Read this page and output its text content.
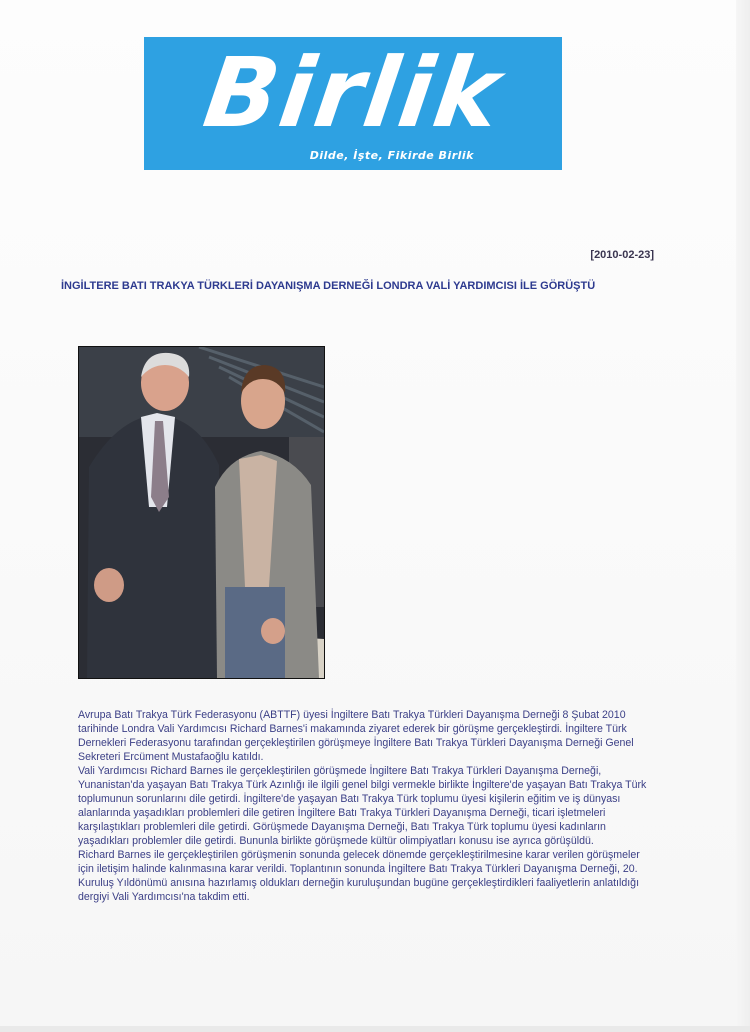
Birlik
Dilde, İşte, Fikirde Birlik
[2010-02-23]
İNGİLTERE BATI TRAKYA TÜRKLERİ DAYANIŞMA DERNEĞİ LONDRA VALİ YARDIMCISI İLE GÖRÜŞTÜ

Avrupa Batı Trakya Türk Federasyonu (ABTTF) üyesi İngiltere Batı Trakya Türkleri Dayanışma Derneği 8 Şubat 2010 tarihinde Londra Vali Yardımcısı Richard Barnes'i makamında ziyaret ederek bir görüşme gerçekleştirdi. İngiltere Türk Dernekleri Federasyonu tarafından gerçekleştirilen görüşmeye İngiltere Batı Trakya Türkleri Dayanışma Derneği Genel Sekreteri Ercüment Mustafaoğlu katıldı.

Vali Yardımcısı Richard Barnes ile gerçekleştirilen görüşmede İngiltere Batı Trakya Türkleri Dayanışma Derneği, Yunanistan'da yaşayan Batı Trakya Türk Azınlığı ile ilgili genel bilgi vermekle birlikte İngiltere'de yaşayan Batı Trakya Türk toplumunun sorunlarını dile getirdi. İngiltere'de yaşayan Batı Trakya Türk toplumu üyesi kişilerin eğitim ve iş dünyası alanlarında yaşadıkları problemleri dile getiren İngiltere Batı Trakya Türkleri Dayanışma Derneği, ticari işletmeleri karşılaştıkları problemleri dile getirdi. Görüşmede Dayanışma Derneği, Batı Trakya Türk toplumu üyesi kadınların yaşadıkları problemler dile getirdi. Bununla birlikte görüşmede kültür olimpiyatları konusu ise ayrıca görüşüldü.

Richard Barnes ile gerçekleştirilen görüşmenin sonunda gelecek dönemde gerçekleştirilmesine karar verilen görüşmeler için iletişim halinde kalınmasına karar verildi. Toplantının sonunda İngiltere Batı Trakya Türkleri Dayanışma Derneği, 20. Kuruluş Yıldönümü anısına hazırlamış oldukları derneğin kuruluşundan bugüne gerçekleştirdikleri faaliyetlerin anlatıldığı dergiyi Vali Yardımcısı'na takdim etti.
